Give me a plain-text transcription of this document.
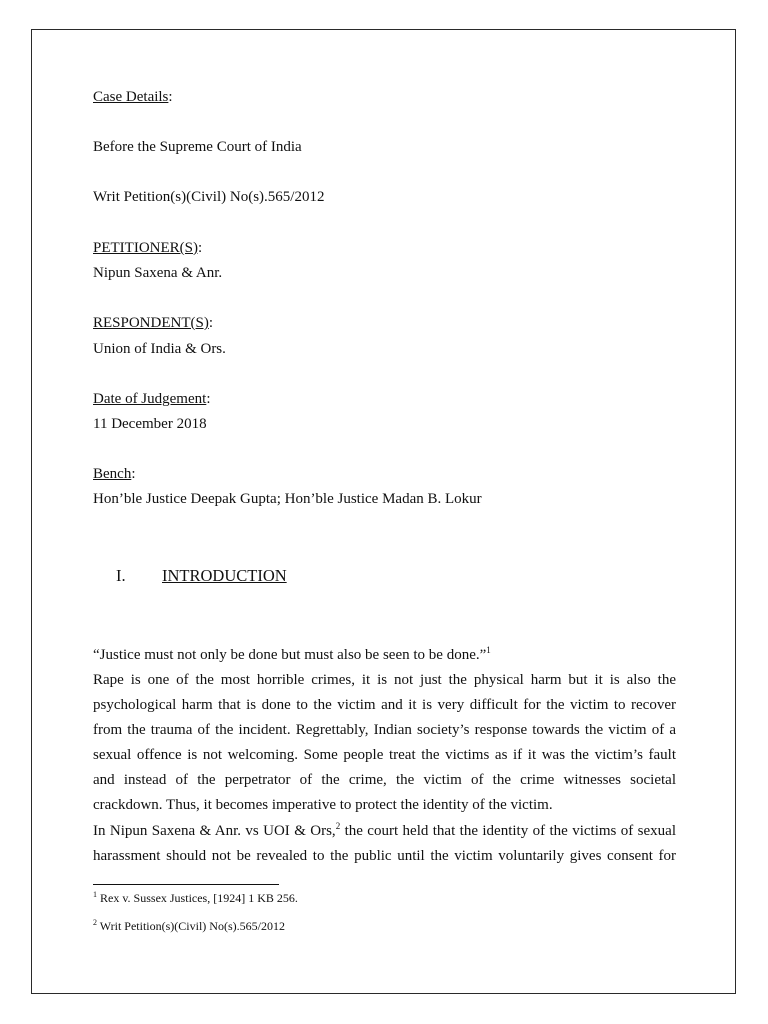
Case Details:
Before the Supreme Court of India
Writ Petition(s)(Civil) No(s).565/2012
PETITIONER(S):
Nipun Saxena & Anr.
RESPONDENT(S):
Union of India & Ors.
Date of Judgement:
11 December 2018
Bench:
Hon’ble Justice Deepak Gupta; Hon’ble Justice Madan B. Lokur
I. INTRODUCTION
“Justice must not only be done but must also be seen to be done.”$^1$
Rape is one of the most horrible crimes, it is not just the physical harm but it is also the
psychological harm that is done to the victim and it is very difficult for the victim to recover
from the trauma of the incident. Regrettably, Indian society’s response towards the victim of a
sexual offence is not welcoming. Some people treat the victims as if it was the victim’s fault
and instead of the perpetrator of the crime, the victim of the crime witnesses societal
crackdown. Thus, it becomes imperative to protect the identity of the victim.
In Nipun Saxena & Anr. vs UOI & Ors,$^2$ the court held that the identity of the victims of sexual
harassment should not be revealed to the public until the victim voluntarily gives consent for
$^1$ Rex v. Sussex Justices, [1924] 1 KB 256.
$^2$ Writ Petition(s)(Civil) No(s).565/2012
